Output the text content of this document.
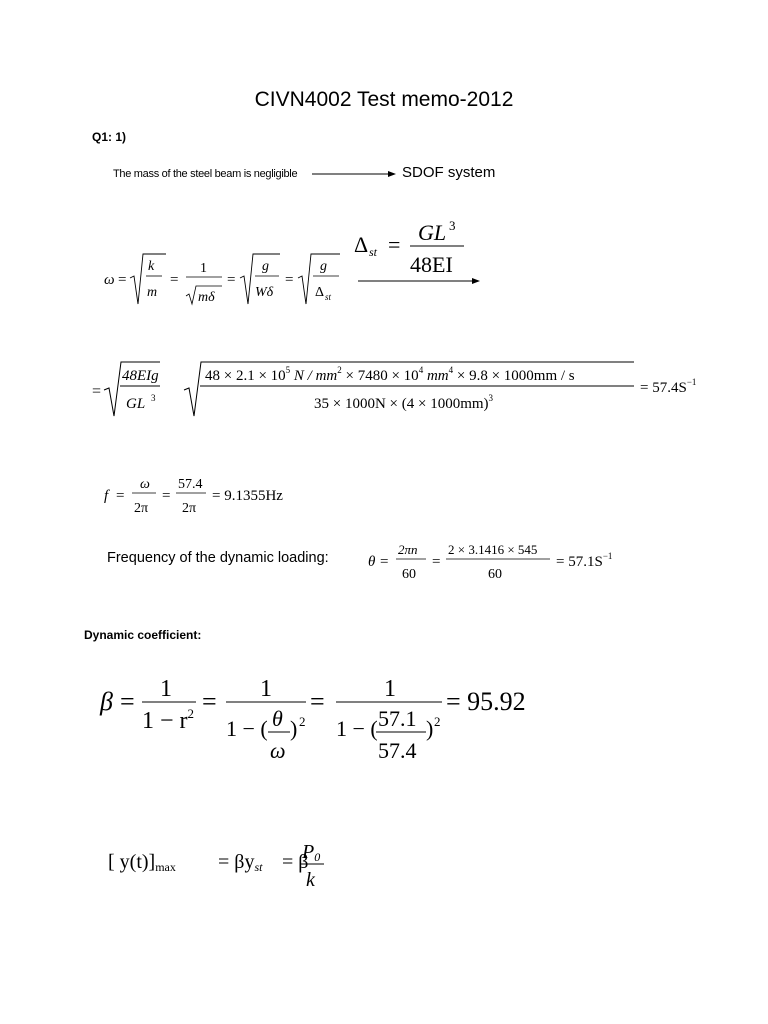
CIVN4002 Test memo-2012
Q1: 1)
The mass of the steel beam is negligible	SDOF system
ω =
k
m
=
1
mδ
=
g
Wδ
=
g
Δ st
Δ st = GL 3
48EI
=
48EIg
GL 3
$48 \times 2.1 \times 10^5$ $N / mm^2 \times 7480 \times 10^4$ $mm^4 \times 9.8 \times 1000mm / s$
$35 \times 1000N \times (4 \times 1000mm)^3$
= $57.4S^{-1}$
f =
ω
2π
=
57.4
2π
= 9.1355Hz
Frequency of the dynamic loading:	θ =
2πn
60
=
2 × 3.1416 × 545
60
= $57.1S^{-1}$
Dynamic coefficient:
β = 1
$1 - r^2 = 1$
1 − ( θ
ω
) 2
= 1
1 − ( 57.1
57.4
) 2
= 95.92
[ y(t)]max = βyst = β
P0
k
